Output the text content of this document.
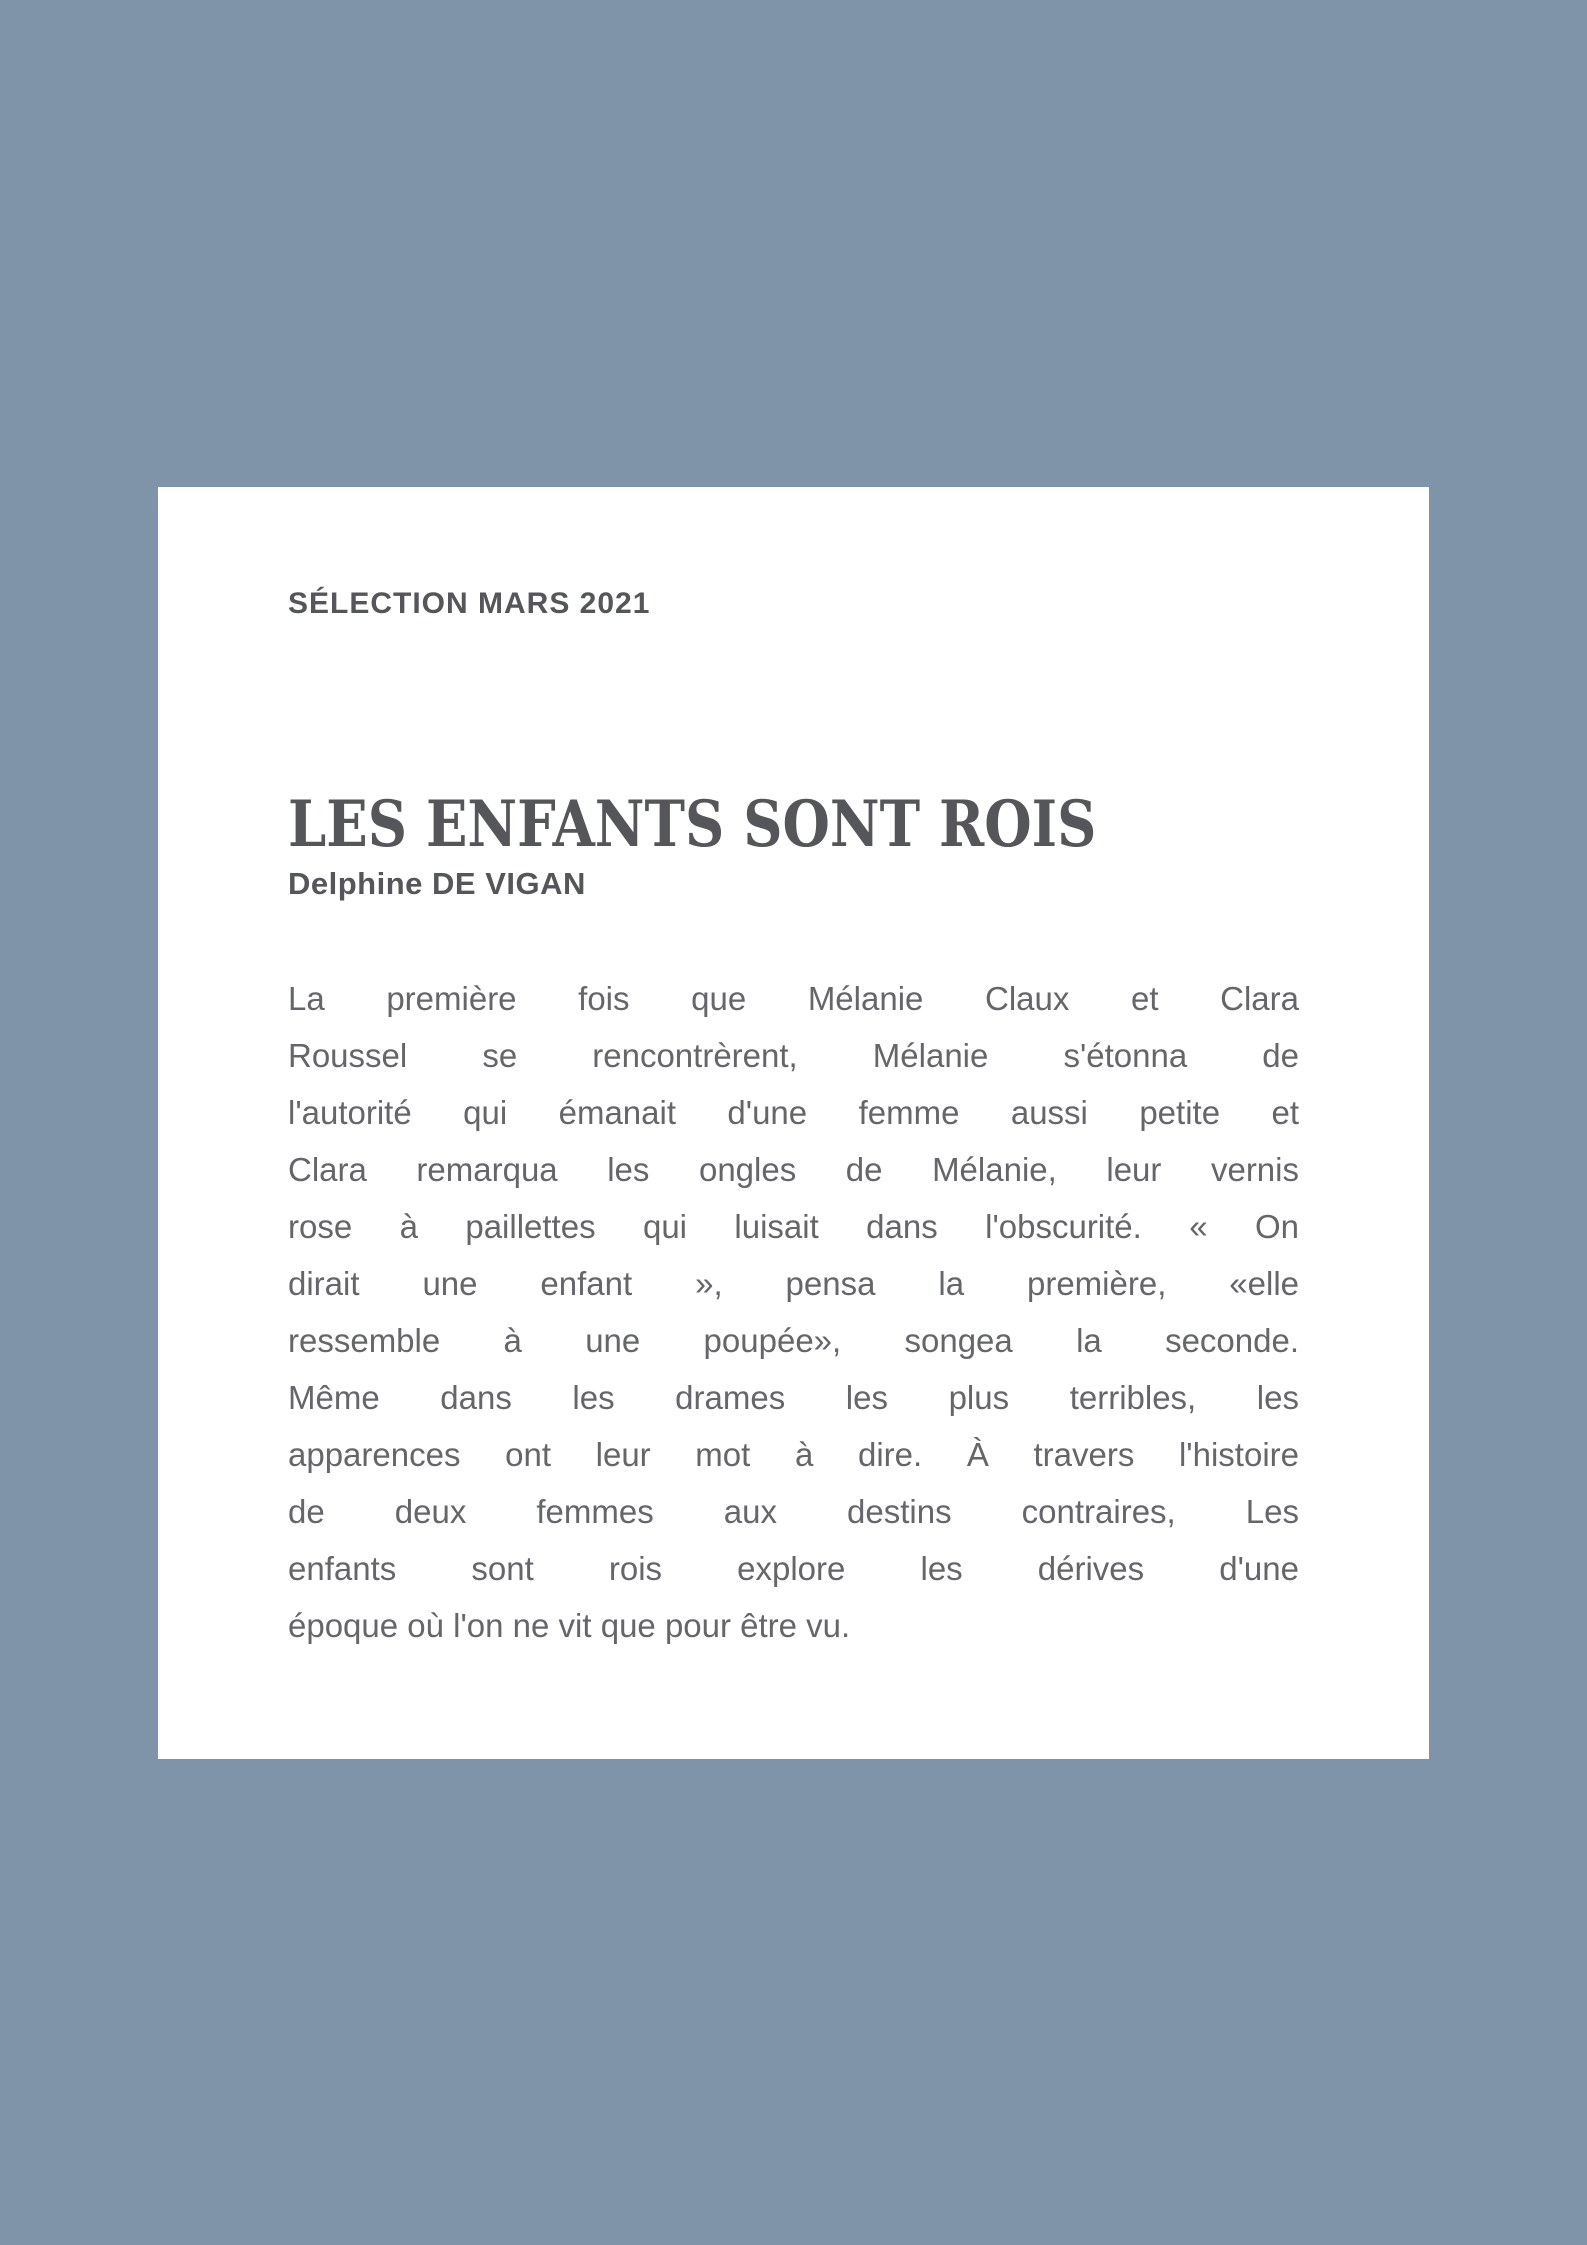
SÉLECTION MARS 2021
LES ENFANTS SONT ROIS
Delphine DE VIGAN
La première fois que Mélanie Claux et Clara
Roussel se rencontrèrent, Mélanie s'étonna de
l'autorité qui émanait d'une femme aussi petite et
Clara remarqua les ongles de Mélanie, leur vernis
rose à paillettes qui luisait dans l'obscurité. « On
dirait une enfant », pensa la première, «elle
ressemble à une poupée», songea la seconde.
Même dans les drames les plus terribles, les
apparences ont leur mot à dire. À travers l'histoire
de deux femmes aux destins contraires, Les
enfants sont rois explore les dérives d'une
époque où l'on ne vit que pour être vu.
